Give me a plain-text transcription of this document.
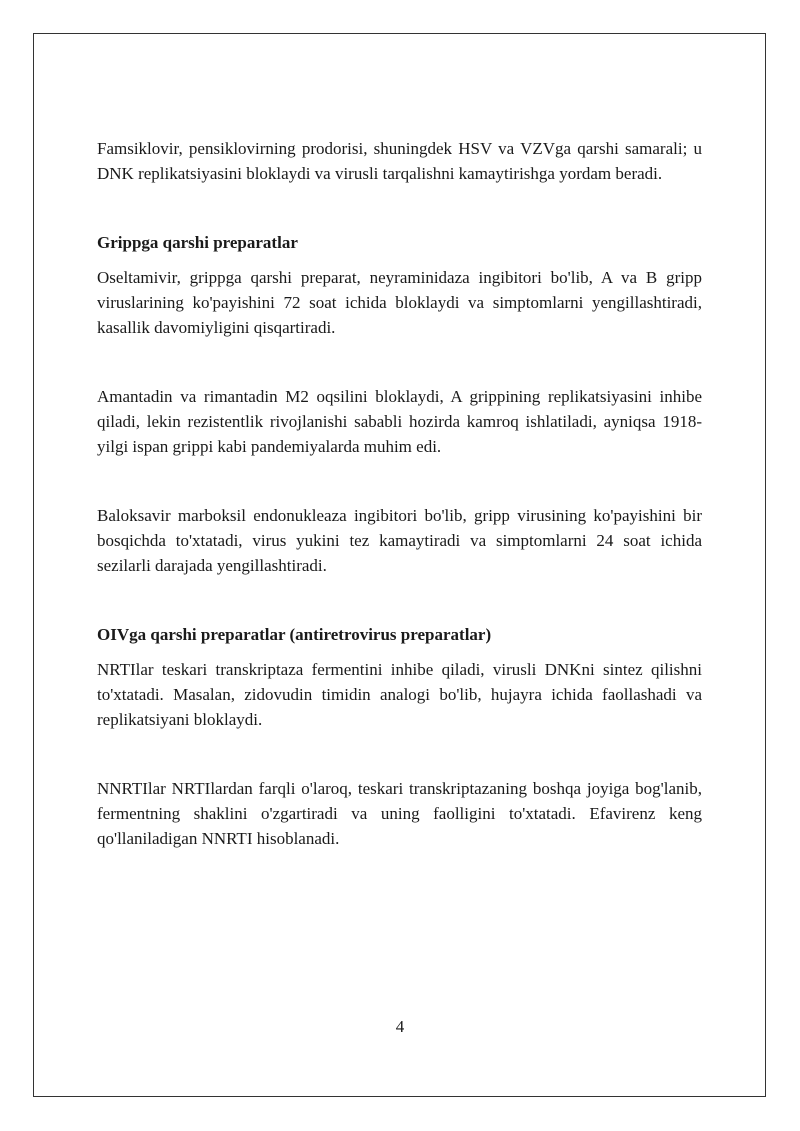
Famsiklovir, pensiklovirning prodorisi, shuningdek HSV va VZVga qarshi samarali; u DNK replikatsiyasini bloklaydi va virusli tarqalishni kamaytirishga yordam beradi.

Grippga qarshi preparatlar

Oseltamivir, grippga qarshi preparat, neyraminidaza ingibitori bo'lib, A va B gripp viruslarining ko'payishini 72 soat ichida bloklaydi va simptomlarni yengillashtiradi, kasallik davomiyligini qisqartiradi.

Amantadin va rimantadin M2 oqsilini bloklaydi, A grippining replikatsiyasini inhibe qiladi, lekin rezistentlik rivojlanishi sababli hozirda kamroq ishlatiladi, ayniqsa 1918-yilgi ispan grippi kabi pandemiyalarda muhim edi.

Baloksavir marboksil endonukleaza ingibitori bo'lib, gripp virusining ko'payishini bir bosqichda to'xtatadi, virus yukini tez kamaytiradi va simptomlarni 24 soat ichida sezilarli darajada yengillashtiradi.

OIVga qarshi preparatlar (antiretrovirus preparatlar)

NRTIlar teskari transkriptaza fermentini inhibe qiladi, virusli DNKni sintez qilishni to'xtatadi. Masalan, zidovudin timidin analogi bo'lib, hujayra ichida faollashadi va replikatsiyani bloklaydi.

NNRTIlar NRTIlardan farqli o'laroq, teskari transkriptazaning boshqa joyiga bog'lanib, fermentning shaklini o'zgartiradi va uning faolligini to'xtatadi. Efavirenz keng qo'llaniladigan NNRTI hisoblanadi.

4
